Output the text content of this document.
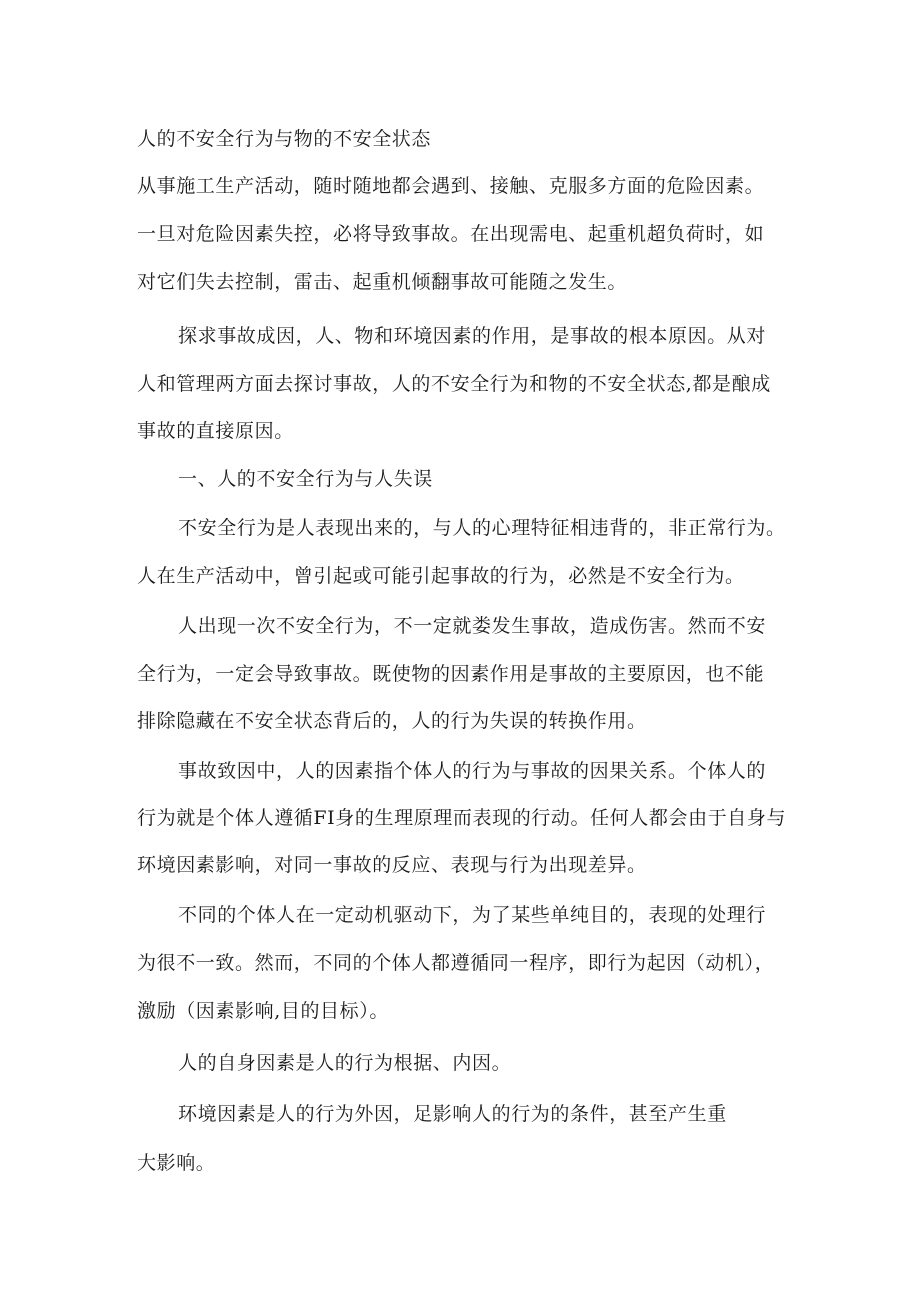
人的不安全行为与物的不安全状态
从事施工生产活动，随时随地都会遇到、接触、克服多方面的危险因素。
一旦对危险因素失控，必将导致事故。在出现需电、起重机超负荷时，如
对它们失去控制，雷击、起重机倾翻事故可能随之发生。
探求事故成因，人、物和环境因素的作用，是事故的根本原因。从对
人和管理两方面去探讨事故，人的不安全行为和物的不安全状态,都是酿成
事故的直接原因。
一、人的不安全行为与人失误
不安全行为是人表现出来的，与人的心理特征相违背的，非正常行为。
人在生产活动中，曾引起或可能引起事故的行为，必然是不安全行为。
人出现一次不安全行为，不一定就娄发生事故，造成伤害。然而不安
全行为，一定会导致事故。既使物的因素作用是事故的主要原因，也不能
排除隐藏在不安全状态背后的，人的行为失误的转换作用。
事故致因中，人的因素指个体人的行为与事故的因果关系。个体人的
行为就是个体人遵循FI身的生理原理而表现的行动。任何人都会由于自身与
环境因素影响，对同一事故的反应、表现与行为出现差异。
不同的个体人在一定动机驱动下，为了某些单纯目的，表现的处理行
为很不一致。然而，不同的个体人都遵循同一程序，即行为起因（动机），
激励（因素影响,目的目标）。
人的自身因素是人的行为根据、内因。
环境因素是人的行为外因，足影响人的行为的条件，甚至产生重
大影响。
